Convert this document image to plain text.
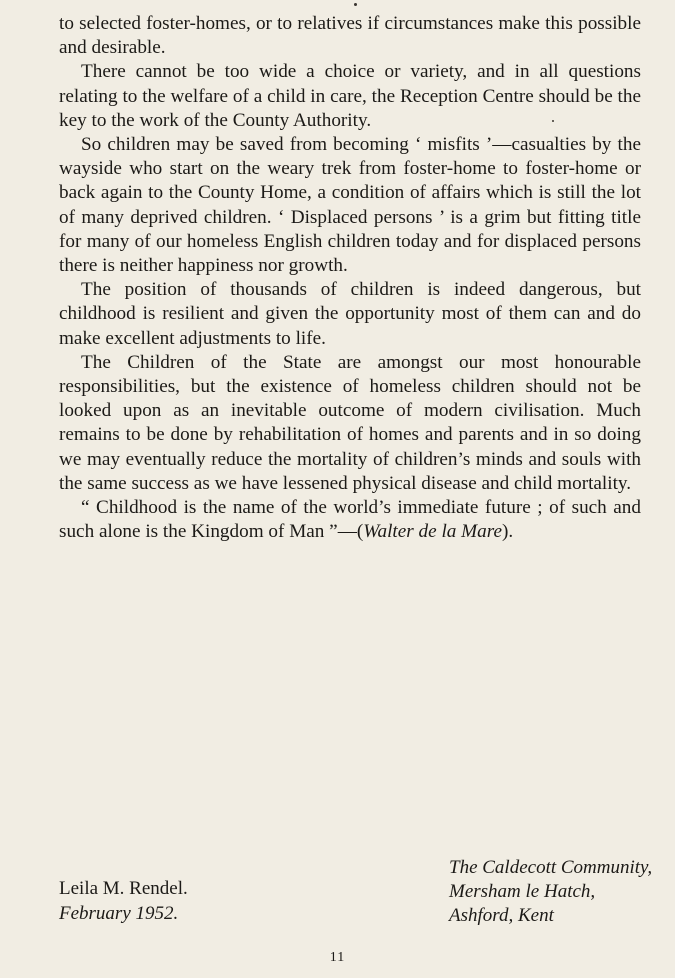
to selected foster-homes, or to relatives if circumstances make this possible and desirable.

There cannot be too wide a choice or variety, and in all questions relating to the welfare of a child in care, the Reception Centre should be the key to the work of the County Authority.

So children may be saved from becoming ‘ misfits ’—casualties by the wayside who start on the weary trek from foster-home to foster-home or back again to the County Home, a condition of affairs which is still the lot of many deprived children. ‘ Displaced persons ’ is a grim but fitting title for many of our homeless English children today and for displaced persons there is neither happiness nor growth.

The position of thousands of children is indeed dangerous, but childhood is resilient and given the opportunity most of them can and do make excellent adjustments to life.

The Children of the State are amongst our most honourable responsibilities, but the existence of homeless children should not be looked upon as an inevitable outcome of modern civilisation. Much remains to be done by rehabilitation of homes and parents and in so doing we may eventually reduce the mortality of children’s minds and souls with the same success as we have lessened physical disease and child mortality.

“ Childhood is the name of the world’s immediate future ; of such and such alone is the Kingdom of Man ”—(Walter de la Mare).

The Caldecott Community,
Mersham le Hatch,
Ashford, Kent
Leila M. Rendel.
February 1952.
11
